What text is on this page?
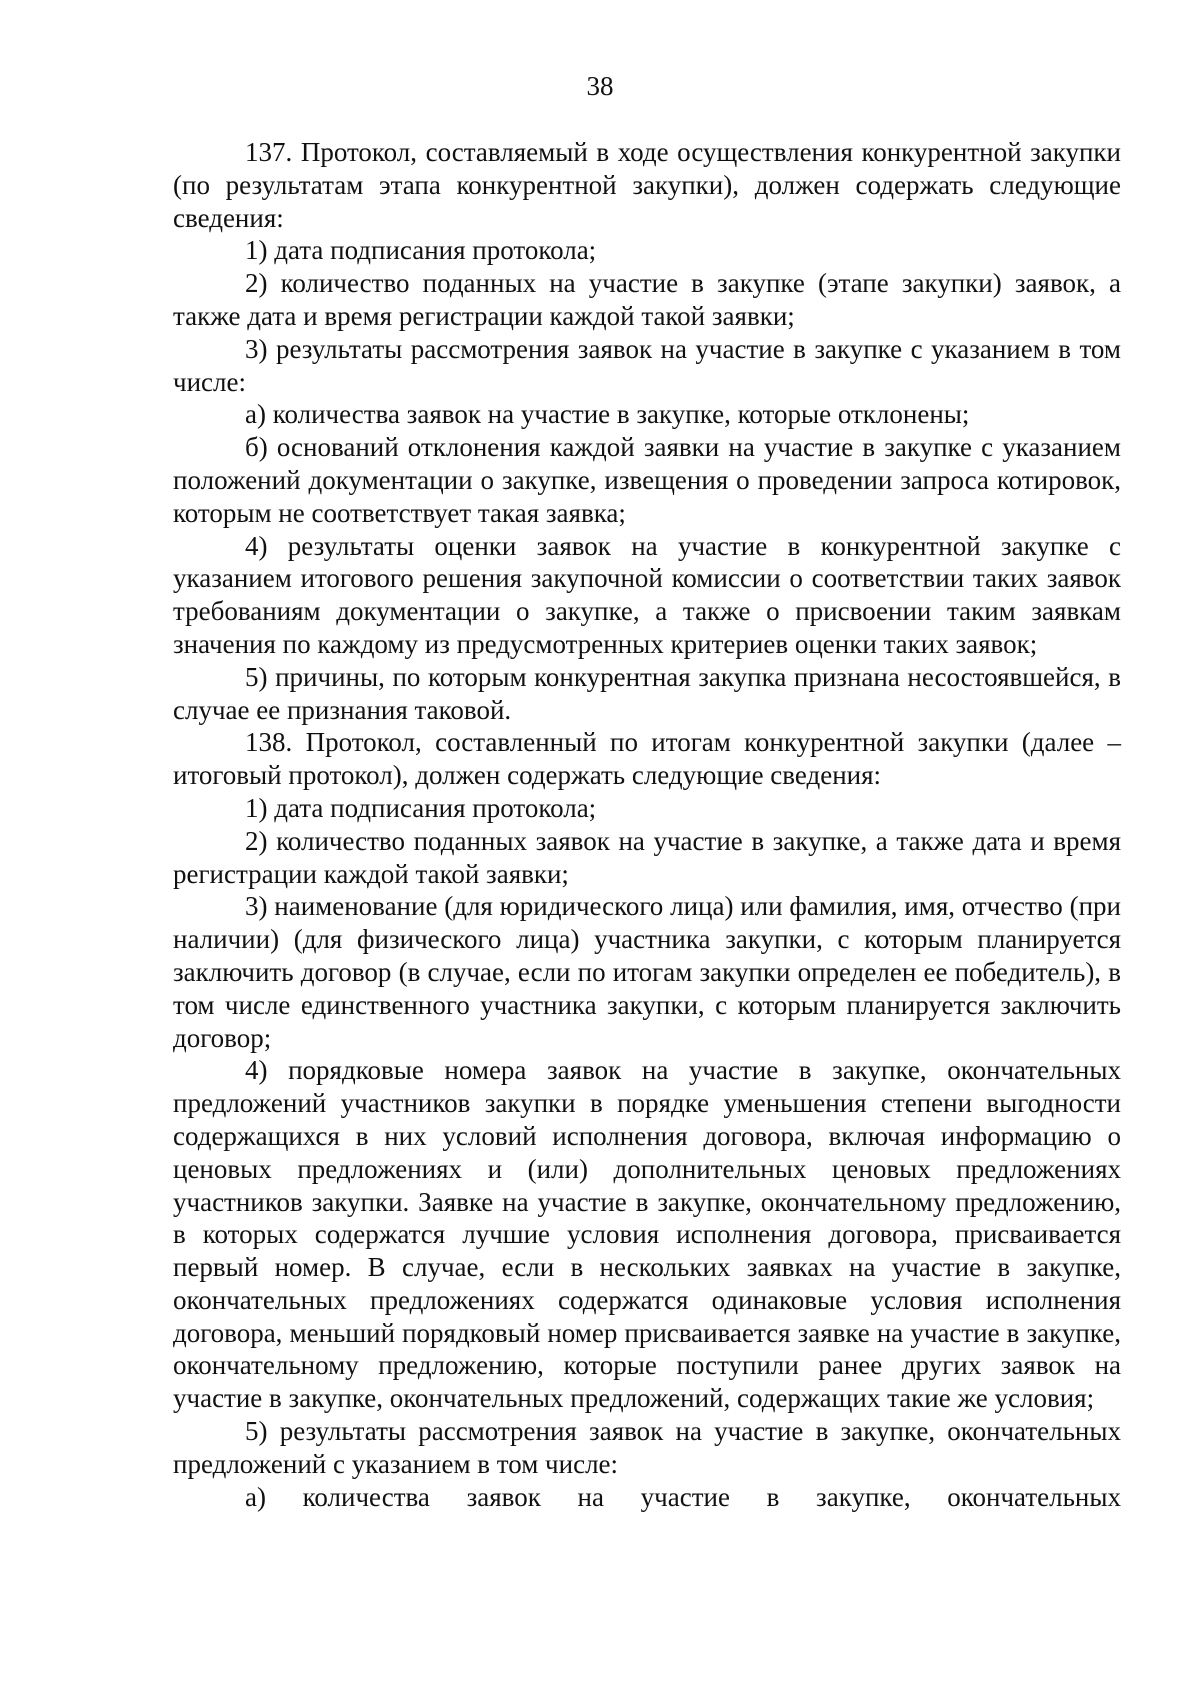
38

137. Протокол, составляемый в ходе осуществления конкурентной закупки (по результатам этапа конкурентной закупки), должен содержать следующие сведения:

1) дата подписания протокола;

2) количество поданных на участие в закупке (этапе закупки) заявок, а также дата и время регистрации каждой такой заявки;

3) результаты рассмотрения заявок на участие в закупке с указанием в том числе:

а) количества заявок на участие в закупке, которые отклонены;

б) оснований отклонения каждой заявки на участие в закупке с указанием положений документации о закупке, извещения о проведении запроса котировок, которым не соответствует такая заявка;

4) результаты оценки заявок на участие в конкурентной закупке с указанием итогового решения закупочной комиссии о соответствии таких заявок требованиям документации о закупке, а также о присвоении таким заявкам значения по каждому из предусмотренных критериев оценки таких заявок;

5) причины, по которым конкурентная закупка признана несостоявшейся, в случае ее признания таковой.

138. Протокол, составленный по итогам конкурентной закупки (далее – итоговый протокол), должен содержать следующие сведения:

1) дата подписания протокола;

2) количество поданных заявок на участие в закупке, а также дата и время регистрации каждой такой заявки;

3) наименование (для юридического лица) или фамилия, имя, отчество (при наличии) (для физического лица) участника закупки, с которым планируется заключить договор (в случае, если по итогам закупки определен ее победитель), в том числе единственного участника закупки, с которым планируется заключить договор;

4) порядковые номера заявок на участие в закупке, окончательных предложений участников закупки в порядке уменьшения степени выгодности содержащихся в них условий исполнения договора, включая информацию о ценовых предложениях и (или) дополнительных ценовых предложениях участников закупки. Заявке на участие в закупке, окончательному предложению, в которых содержатся лучшие условия исполнения договора, присваивается первый номер. В случае, если в нескольких заявках на участие в закупке, окончательных предложениях содержатся одинаковые условия исполнения договора, меньший порядковый номер присваивается заявке на участие в закупке, окончательному предложению, которые поступили ранее других заявок на участие в закупке, окончательных предложений, содержащих такие же условия;

5) результаты рассмотрения заявок на участие в закупке, окончательных предложений с указанием в том числе:

а) количества заявок на участие в закупке, окончательных
